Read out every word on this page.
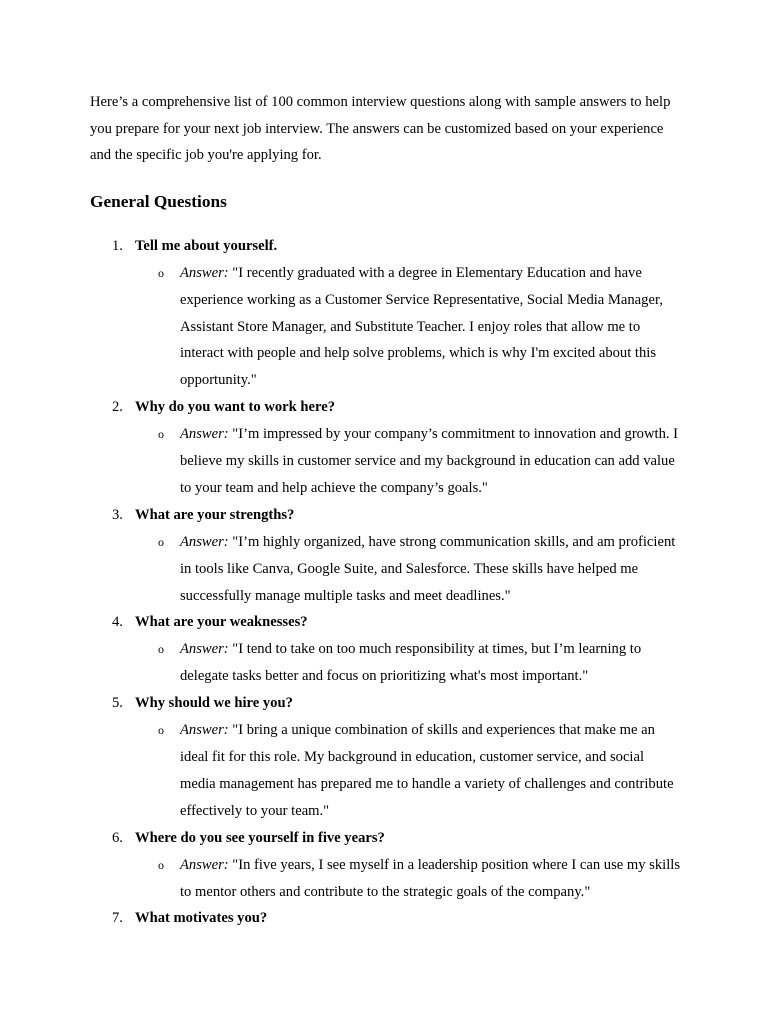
Here’s a comprehensive list of 100 common interview questions along with sample answers to help you prepare for your next job interview. The answers can be customized based on your experience and the specific job you're applying for.

General Questions
1. Tell me about yourself.
o Answer: "I recently graduated with a degree in Elementary Education and have experience working as a Customer Service Representative, Social Media Manager, Assistant Store Manager, and Substitute Teacher. I enjoy roles that allow me to interact with people and help solve problems, which is why I'm excited about this opportunity."
2. Why do you want to work here?
o Answer: "I’m impressed by your company’s commitment to innovation and growth. I believe my skills in customer service and my background in education can add value to your team and help achieve the company’s goals."
3. What are your strengths?
o Answer: "I’m highly organized, have strong communication skills, and am proficient in tools like Canva, Google Suite, and Salesforce. These skills have helped me successfully manage multiple tasks and meet deadlines."
4. What are your weaknesses?
o Answer: "I tend to take on too much responsibility at times, but I’m learning to delegate tasks better and focus on prioritizing what's most important."
5. Why should we hire you?
o Answer: "I bring a unique combination of skills and experiences that make me an ideal fit for this role. My background in education, customer service, and social media management has prepared me to handle a variety of challenges and contribute effectively to your team."
6. Where do you see yourself in five years?
o Answer: "In five years, I see myself in a leadership position where I can use my skills to mentor others and contribute to the strategic goals of the company."
7. What motivates you?
